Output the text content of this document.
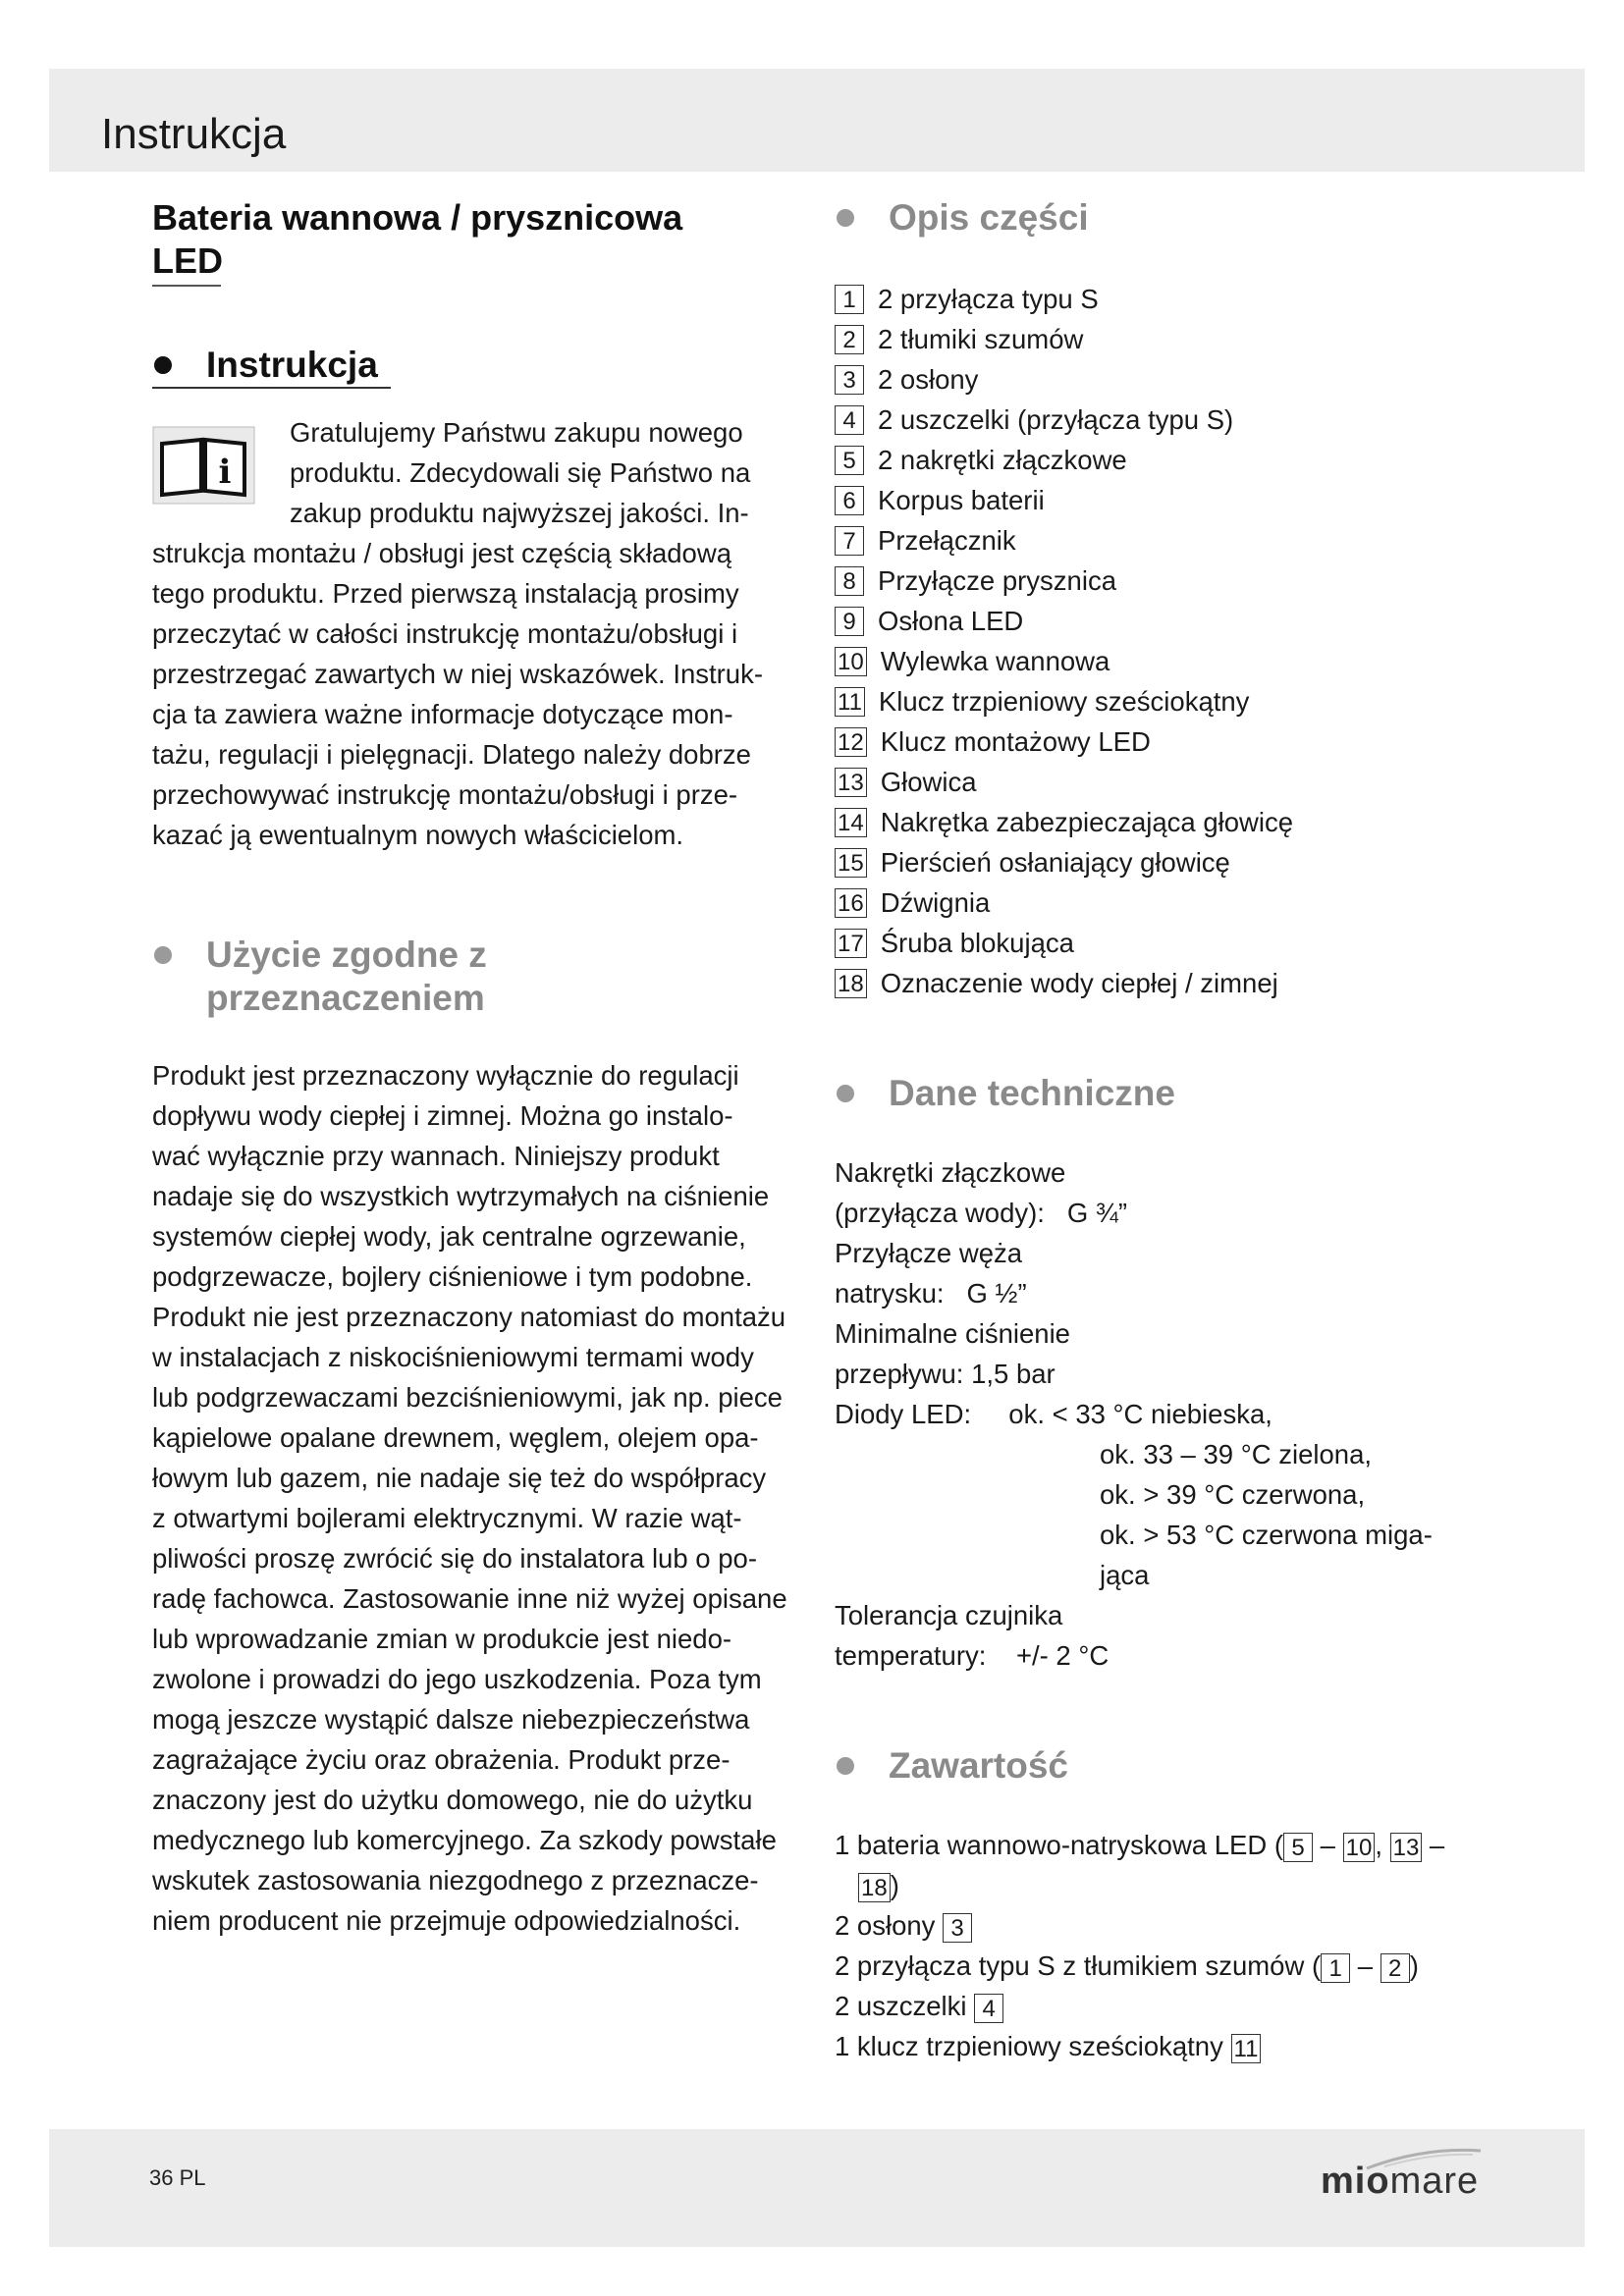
Instrukcja
Bateria wannowa / prysznicowa
LED
Instrukcja
i

Gratulujemy Państwu zakupu nowego

produktu. Zdecydowali się Państwo na

zakup produktu najwyższej jakości. In-

strukcja montażu / obsługi jest częścią składową

tego produktu. Przed pierwszą instalacją prosimy

przeczytać w całości instrukcję montażu/obsługi i

przestrzegać zawartych w niej wskazówek. Instruk-

cja ta zawiera ważne informacje dotyczące mon-

tażu, regulacji i pielęgnacji. Dlatego należy dobrze

przechowywać instrukcję montażu/obsługi i prze-

kazać ją ewentualnym nowych właścicielom.

Użycie zgodne z
przeznaczeniem

Produkt jest przeznaczony wyłącznie do regulacji

dopływu wody ciepłej i zimnej. Można go instalo-

wać wyłącznie przy wannach. Niniejszy produkt

nadaje się do wszystkich wytrzymałych na ciśnienie

systemów ciepłej wody, jak centralne ogrzewanie,

podgrzewacze, bojlery ciśnieniowe i tym podobne.

Produkt nie jest przeznaczony natomiast do montażu

w instalacjach z niskociśnieniowymi termami wody

lub podgrzewaczami bezciśnieniowymi, jak np. piece

kąpielowe opalane drewnem, węglem, olejem opa-

łowym lub gazem, nie nadaje się też do współpracy

z otwartymi bojlerami elektrycznymi. W razie wąt-

pliwości proszę zwrócić się do instalatora lub o po-

radę fachowca. Zastosowanie inne niż wyżej opisane

lub wprowadzanie zmian w produkcie jest niedo-

zwolone i prowadzi do jego uszkodzenia. Poza tym

mogą jeszcze wystąpić dalsze niebezpieczeństwa

zagrażające życiu oraz obrażenia. Produkt prze-

znaczony jest do użytku domowego, nie do użytku

medycznego lub komercyjnego. Za szkody powstałe

wskutek zastosowania niezgodnego z przeznacze-

niem producent nie przejmuje odpowiedzialności.

Opis części
1 2 przyłącza typu S
2 2 tłumiki szumów
3 2 osłony
4 2 uszczelki (przyłącza typu S)
5 2 nakrętki złączkowe
6 Korpus baterii
7 Przełącznik
8 Przyłącze prysznica
9 Osłona LED
10 Wylewka wannowa
11 Klucz trzpieniowy sześciokątny
12 Klucz montażowy LED
13 Głowica
14 Nakrętka zabezpieczająca głowicę
15 Pierścień osłaniający głowicę
16 Dźwignia
17 Śruba blokująca
18 Oznaczenie wody ciepłej / zimnej
Dane techniczne
Nakrętki złączkowe
(przyłącza wody): G ¾”
Przyłącze węża
natrysku: G ½”
Minimalne ciśnienie
przepływu: 1,5 bar
Diody LED: ok. < 33 °C niebieska,
ok. 33 – 39 °C zielona,
ok. > 39 °C czerwona,
ok. > 53 °C czerwona miga-
jąca
Tolerancja czujnika
temperatury: +/- 2 °C
Zawartość
1 bateria wannowo-natryskowa LED ( 5 – 10 , 13 –
18 )
2 osłony 3
2 przyłącza typu S z tłumikiem szumów ( 1 – 2 )
2 uszczelki 4
1 klucz trzpieniowy sześciokątny 11
36 PL	miomare
